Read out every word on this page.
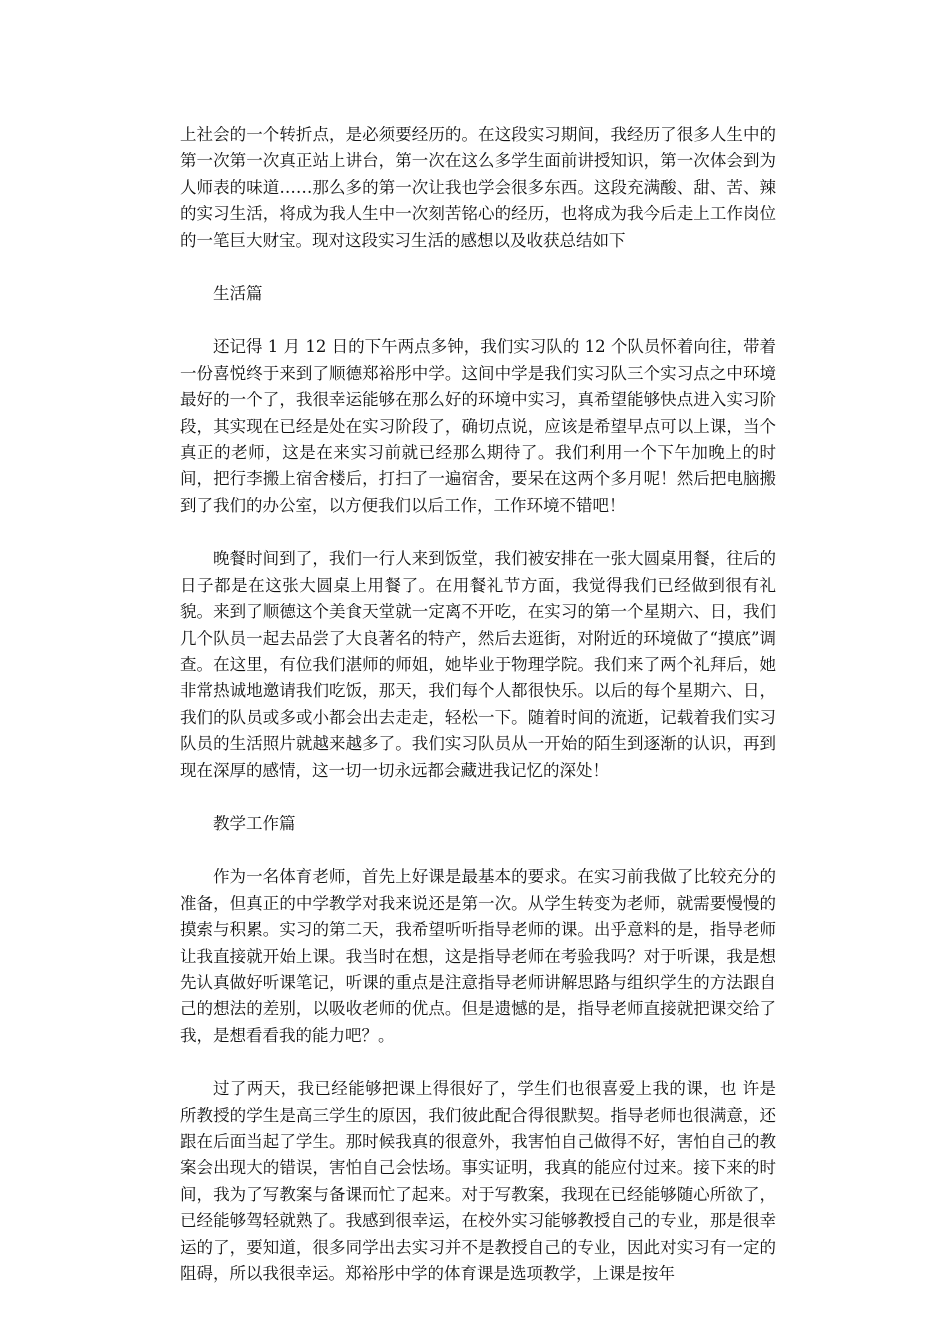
上社会的一个转折点，是必须要经历的。在这段实习期间，我经历了很多人生中的第一次第一次真正站上讲台，第一次在这么多学生面前讲授知识，第一次体会到为人师表的味道……那么多的第一次让我也学会很多东西。这段充满酸、甜、苦、辣的实习生活，将成为我人生中一次刻苦铭心的经历，也将成为我今后走上工作岗位的一笔巨大财宝。现对这段实习生活的感想以及收获总结如下

生活篇

还记得 1 月 12 日的下午两点多钟，我们实习队的 12 个队员怀着向往，带着一份喜悦终于来到了顺德郑裕彤中学。这间中学是我们实习队三个实习点之中环境最好的一个了，我很幸运能够在那么好的环境中实习，真希望能够快点进入实习阶段，其实现在已经是处在实习阶段了，确切点说，应该是希望早点可以上课，当个真正的老师，这是在来实习前就已经那么期待了。我们利用一个下午加晚上的时间，把行李搬上宿舍楼后，打扫了一遍宿舍，要呆在这两个多月呢！然后把电脑搬到了我们的办公室，以方便我们以后工作，工作环境不错吧！

晚餐时间到了，我们一行人来到饭堂，我们被安排在一张大圆桌用餐，往后的日子都是在这张大圆桌上用餐了。在用餐礼节方面，我觉得我们已经做到很有礼貌。来到了顺德这个美食天堂就一定离不开吃，在实习的第一个星期六、日，我们几个队员一起去品尝了大良著名的特产，然后去逛街，对附近的环境做了“摸底”调查。在这里，有位我们湛师的师姐，她毕业于物理学院。我们来了两个礼拜后，她非常热诚地邀请我们吃饭，那天，我们每个人都很快乐。以后的每个星期六、日，我们的队员或多或小都会出去走走，轻松一下。随着时间的流逝，记载着我们实习队员的生活照片就越来越多了。我们实习队员从一开始的陌生到逐渐的认识，再到现在深厚的感情，这一切一切永远都会藏进我记忆的深处！

教学工作篇

作为一名体育老师，首先上好课是最基本的要求。在实习前我做了比较充分的准备，但真正的中学教学对我来说还是第一次。从学生转变为老师，就需要慢慢的摸索与积累。实习的第二天，我希望听听指导老师的课。出乎意料的是，指导老师让我直接就开始上课。我当时在想，这是指导老师在考验我吗？对于听课，我是想先认真做好听课笔记，听课的重点是注意指导老师讲解思路与组织学生的方法跟自己的想法的差别，以吸收老师的优点。但是遗憾的是，指导老师直接就把课交给了我，是想看看我的能力吧？。

过了两天，我已经能够把课上得很好了，学生们也很喜爱上我的课，也 许是所教授的学生是高三学生的原因，我们彼此配合得很默契。指导老师也很满意，还跟在后面当起了学生。那时候我真的很意外，我害怕自己做得不好，害怕自己的教案会出现大的错误，害怕自己会怯场。事实证明，我真的能应付过来。接下来的时间，我为了写教案与备课而忙了起来。对于写教案，我现在已经能够随心所欲了，已经能够驾轻就熟了。我感到很幸运，在校外实习能够教授自己的专业，那是很幸运的了，要知道，很多同学出去实习并不是教授自己的专业，因此对实习有一定的阻碍，所以我很幸运。郑裕彤中学的体育课是选项教学，上课是按年
